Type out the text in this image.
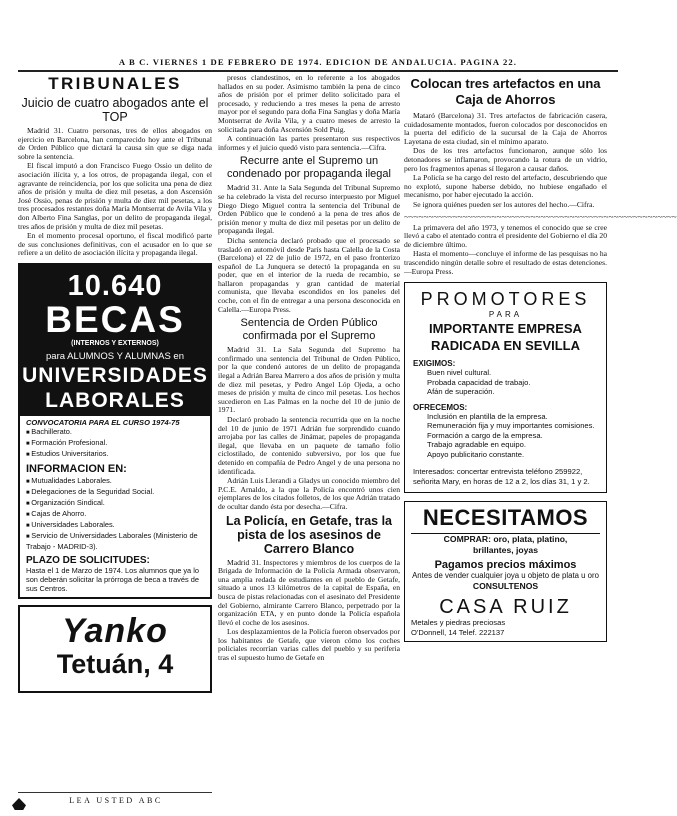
A B C. VIERNES 1 DE FEBRERO DE 1974. EDICION DE ANDALUCIA. PAGINA 22.
TRIBUNALES
Juicio de cuatro abogados ante el TOP

Madrid 31. Cuatro personas, tres de ellos abogados en ejercicio en Barcelona, han comparecido hoy ante el Tribunal de Orden Público que dictará la causa sin que se diga nada sobre la sentencia.

El fiscal imputó a don Francisco Fuego Ossio un delito de asociación ilícita y, a los otros, de propaganda ilegal, con el agravante de reincidencia, por los que solicita una pena de diez años de prisión y multa de diez mil pesetas, a don Ascensión José Ossio, penas de prisión y multa de diez mil pesetas, a los tres procesados restantes doña María Montserrat de Avila Vila y don Alberto Fina Sanglas, por un delito de propaganda ilegal, tres años de prisión y multa de diez mil pesetas.

En el momento procesal oportuno, el fiscal modificó parte de sus conclusiones definitivas, con el acusador en lo que se refiere a un delito de asociación ilícita y propaganda ilegal.

10.640
BECAS
(INTERNOS Y EXTERNOS)
para ALUMNOS Y ALUMNAS en
UNIVERSIDADES
LABORALES
CONVOCATORIA PARA EL CURSO 1974-75
■ Bachillerato.
■ Formación Profesional.
■ Estudios Universitarios.
INFORMACION EN:
■ Mutualidades Laborales.
■ Delegaciones de la Seguridad Social.
■ Organización Sindical.
■ Cajas de Ahorro.
■ Universidades Laborales.
■ Servicio de Universidades Laborales (Ministerio de Trabajo - MADRID-3).
PLAZO DE SOLICITUDES:
Hasta el 1 de Marzo de 1974. Los alumnos que ya lo son deberán solicitar la prórroga de beca a través de sus Centros.
Yanko
Tetuán, 4
LEA USTED ABC

presos clandestinos, en lo referente a los abogados hallados en su poder. Asimismo también la pena de cinco años de prisión por el primer delito solicitado para el procesado, y reduciendo a tres meses la pena de arresto mayor por el segundo para doña Fina Sanglas y doña María Montserrat de Avila Vila, y a cuatro meses de arresto la solicitada para doña Ascensión Sold Puig.

A continuación las partes presentaron sus respectivos informes y el juicio quedó visto para sentencia.—Cifra.

Recurre ante el Supremo un condenado por propaganda ilegal

Madrid 31. Ante la Sala Segunda del Tribunal Supremo se ha celebrado la vista del recurso interpuesto por Miguel Diego Diego Miguel contra la sentencia del Tribunal de Orden Público que le condenó a la pena de tres años de prisión menor y multa de diez mil pesetas por un delito de propaganda ilegal.

Dicha sentencia declaró probado que el procesado se trasladó en automóvil desde París hasta Calella de la Costa (Barcelona) el 22 de julio de 1972, en el paso fronterizo español de La Junquera se detectó la propaganda en su poder, que en el interior de la rueda de recambio, se hallaron propagandas y gran cantidad de material comunista, que llevaba escondidos en los paneles del coche, con el fin de entregar a una persona desconocida en Calella.—Europa Press.

Sentencia de Orden Público confirmada por el Supremo

Madrid 31. La Sala Segunda del Supremo ha confirmado una sentencia del Tribunal de Orden Público, por la que condenó autores de un delito de propaganda ilegal a Adrián Barea Marrero a dos años de prisión y multa de diez mil pesetas, y Pedro Angel Lóp Ojeda, a ocho meses de prisión y multa de cinco mil pesetas. Los hechos sucedieron en Las Palmas en la noche del 10 de junio de 1971.

Declaró probado la sentencia recurrida que en la noche del 10 de junio de 1971 Adrián fue sorprendido cuando arrojaba por las calles de Jinámar, papeles de propaganda ilegal, que llevaba en un paquete de tamaño folio ciclostilado, de contenido subversivo, por los que fue detenido en compañía de Pedro Angel y de una persona no identificada.

Adrián Luis Llerandi a Gladys un conocido miembro del P.C.E. Arnaldo, a la que la Policía encontró unos cien ejemplares de los citados folletos, de los que Adrián tratado de ocultar dando ésta por desecha.—Cifra.

La Policía, en Getafe, tras la pista de los asesinos de Carrero Blanco

Madrid 31. Inspectores y miembros de los cuerpos de la Brigada de Información de la Policía Armada observaron, una amplia redada de estudiantes en el pueblo de Getafe, situado a unos 13 kilómetros de la capital de España, en busca de pistas relacionadas con el asesinato del Presidente del Gobierno, almirante Carrero Blanco, perpetrado por la organización ETA, y en punto donde la Policía española llevó el coche de los asesinos.

Los desplazamientos de la Policía fueron observados por los habitantes de Getafe, que vieron cómo los coches policiales recorrían varias calles del pueblo y su periferia tras el supuesto humo de Getafe en

Colocan tres artefactos en una Caja de Ahorros

Mataró (Barcelona) 31. Tres artefactos de fabricación casera, cuidadosamente montados, fueron colocados por desconocidos en la puerta del edificio de la sucursal de la Caja de Ahorros Layetana de esta ciudad, sin el mínimo aparato.

Dos de los tres artefactos funcionaron, aunque sólo los detonadores se inflamaron, provocando la rotura de un vidrio, pero los fragmentos apenas sí llegaron a causar daños.

La Policía se ha cargo del resto del artefacto, descubriendo que no explotó, supone haberse debido, no hubiese engañado el mecanismo, por haber ejecutado la acción.

Se ignora quiénes pueden ser los autores del hecho.—Cifra.

~~~~~~~~~~~~~~~~~~~~~~~~~~~~~~~~~~~~~~~~~~~~~~~~~~~~~~~~

La primavera del año 1973, y tenemos el conocido que se cree llevó a cabo el atentado contra el presidente del Gobierno el día 20 de diciembre último.

Hasta el momento—concluye el informe de las pesquisas no ha trascendido ningún detalle sobre el resultado de estas detenciones.—Europa Press.

PROMOTORES
PARA
IMPORTANTE EMPRESA
RADICADA EN SEVILLA
EXIGIMOS:
Buen nivel cultural.
Probada capacidad de trabajo.
Afán de superación.
OFRECEMOS:
Inclusión en plantilla de la empresa.
Remuneración fija y muy importantes comisiones.
Formación a cargo de la empresa.
Trabajo agradable en equipo.
Apoyo publicitario constante.
Interesados: concertar entrevista teléfono 259922, señorita Mary, en horas de 12 a 2, los días 31, 1 y 2.
NECESITAMOS
COMPRAR: oro, plata, platino,
brillantes, joyas
Pagamos precios máximos
Antes de vender cualquier joya u objeto de plata u oro
CONSULTENOS
CASA RUIZ
Metales y piedras preciosas
O'Donnell, 14 Telef. 222137
